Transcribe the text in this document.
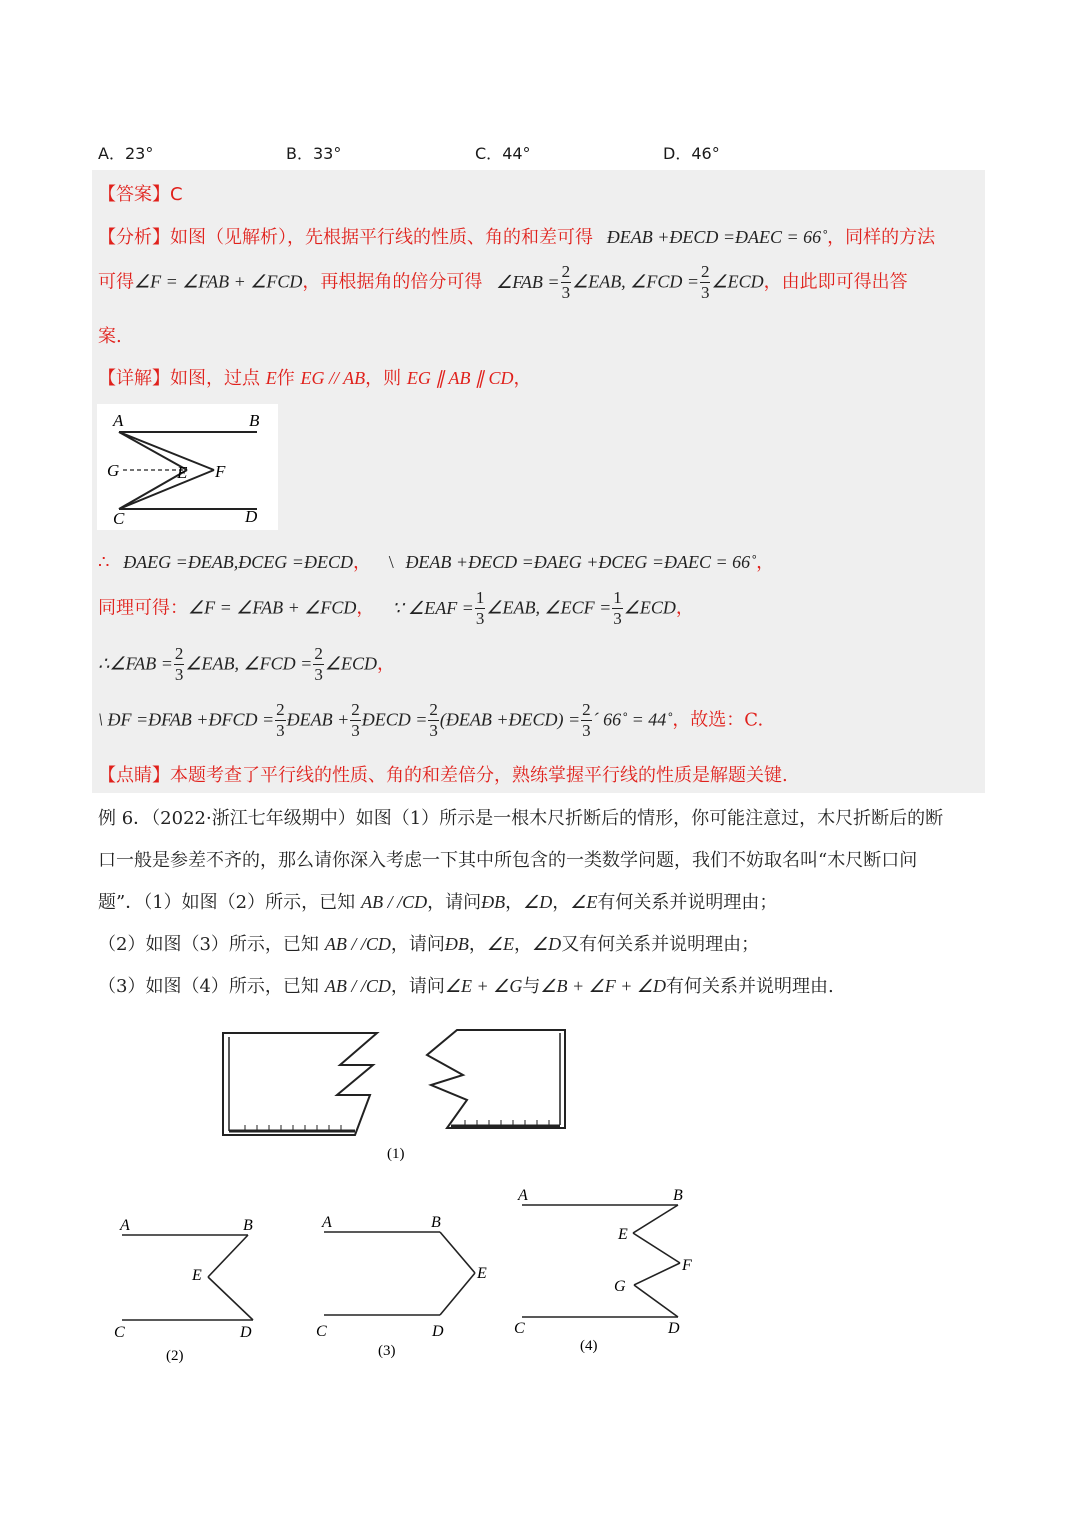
A．23°	B．33°	C．44°	D．46°
【答案】C
【分析】如图（见解析），先根据平行线的性质、角的和差可得 ÐEAB +ÐECD =ÐAEC = 66˚，同样的方法
可得∠F = ∠FAB + ∠FCD，再根据角的倍分可得 ∠FAB = $\frac{2}{3}$ ∠EAB, ∠FCD = $\frac{2}{3}$ ∠ECD，由此即可得出答
案.
【详解】如图，过点 E作 EG // AB，则 EG ∥ AB ∥ CD，
A	B
G	E F
C	D
∴ ÐAEG =ÐEAB,ÐCEG =ÐECD， \ ÐEAB +ÐECD =ÐAEG +ÐCEG =ÐAEC = 66˚，
同理可得：∠F = ∠FAB + ∠FCD， ∵ ∠EAF = $\frac{1}{3}$ ∠EAB, ∠ECF = $\frac{1}{3}$ ∠ECD，
∴∠FAB = $\frac{2}{3}$ ∠EAB, ∠FCD = $\frac{2}{3}$ ∠ECD，
\ ÐF =ÐFAB +ÐFCD = $\frac{2}{3}$ ÐEAB + $\frac{2}{3}$ ÐECD = $\frac{2}{3}$ (ÐEAB +ÐECD) = $\frac{2}{3}$ ´ 66˚ = 44˚，故选：C.
【点睛】本题考查了平行线的性质、角的和差倍分，熟练掌握平行线的性质是解题关键.
例 6．（2022·浙江七年级期中）如图（1）所示是一根木尺折断后的情形，你可能注意过，木尺折断后的断
口一般是参差不齐的，那么请你深入考虑一下其中所包含的一类数学问题，我们不妨取名叫“木尺断口问
题”．（1）如图（2）所示，已知 AB / /CD，请问ÐB，∠D，∠E有何关系并说明理由；
（2）如图（3）所示，已知 AB / /CD，请问ÐB，∠E，∠D又有何关系并说明理由；
（3）如图（4）所示，已知 AB / /CD，请问∠E + ∠G与∠B + ∠F + ∠D有何关系并说明理由.
(1)
A	B
E
C	D
(2)
A	B
E
C	D
(3)
A	B
E
F
G
C	D
(4)
